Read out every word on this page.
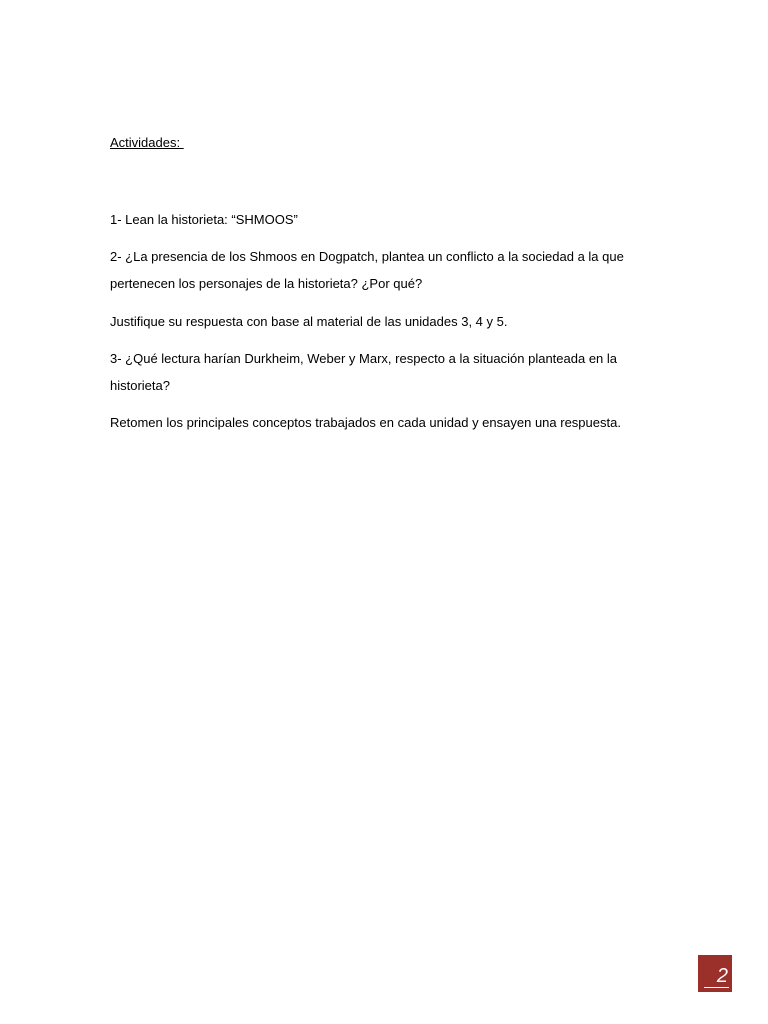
Actividades:

1- Lean la historieta: “SHMOOS”

2- ¿La presencia de los Shmoos en Dogpatch, plantea un conflicto a la sociedad a la que pertenecen los personajes de la historieta? ¿Por qué?

Justifique su respuesta con base al material de las unidades 3, 4 y 5.

3- ¿Qué lectura harían Durkheim, Weber y Marx, respecto a la situación planteada en la historieta?

Retomen los principales conceptos trabajados en cada unidad y ensayen una respuesta.

2
